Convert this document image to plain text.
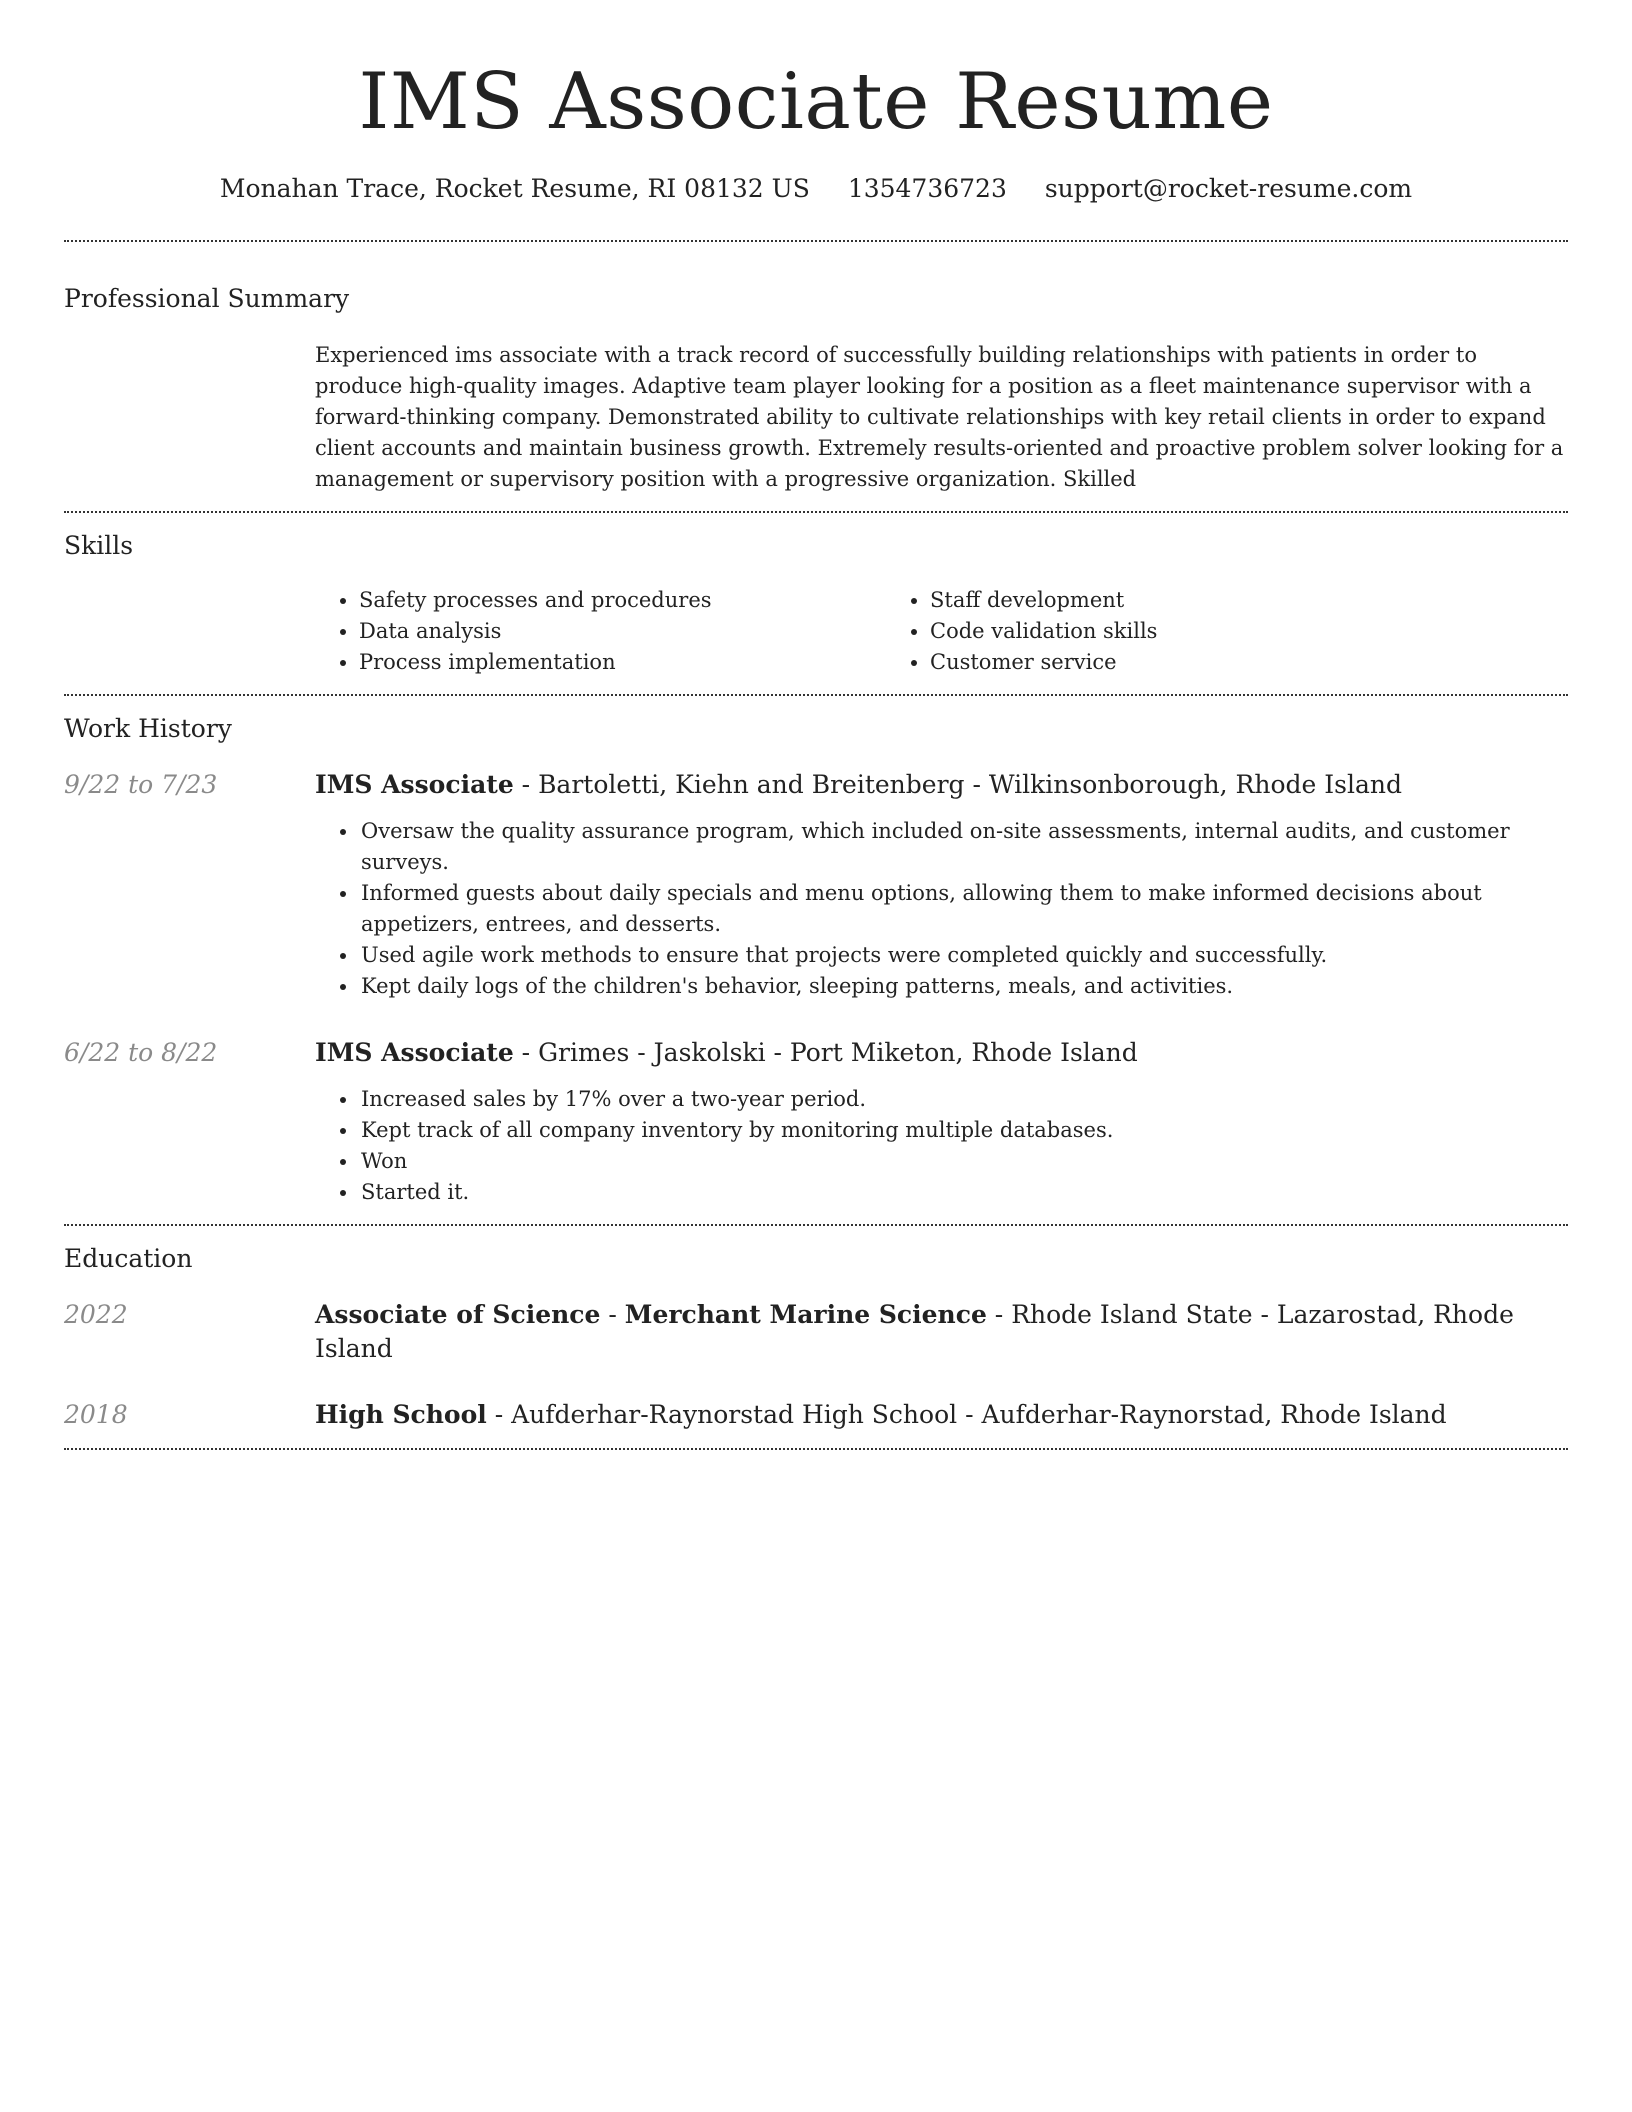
IMS Associate Resume
Monahan Trace, Rocket Resume, RI 08132 US 1354736723 support@rocket-resume.com
Professional Summary
Experienced ims associate with a track record of successfully building relationships with patients in order to produce high-quality images. Adaptive team player looking for a position as a fleet maintenance supervisor with a forward-thinking company. Demonstrated ability to cultivate relationships with key retail clients in order to expand client accounts and maintain business growth. Extremely results-oriented and proactive problem solver looking for a management or supervisory position with a progressive organization. Skilled
Skills
• Safety processes and procedures
• Data analysis
• Process implementation
• Staff development
• Code validation skills
• Customer service
Work History
9/22 to 7/23	IMS Associate - Bartoletti, Kiehn and Breitenberg - Wilkinsonborough, Rhode Island
• Oversaw the quality assurance program, which included on-site assessments, internal audits, and customer surveys.
• Informed guests about daily specials and menu options, allowing them to make informed decisions about appetizers, entrees, and desserts.
• Used agile work methods to ensure that projects were completed quickly and successfully.
• Kept daily logs of the children's behavior, sleeping patterns, meals, and activities.
6/22 to 8/22	IMS Associate - Grimes - Jaskolski - Port Miketon, Rhode Island
• Increased sales by 17% over a two-year period.
• Kept track of all company inventory by monitoring multiple databases.
• Won
• Started it.
Education
2022	Associate of Science - Merchant Marine Science - Rhode Island State - Lazarostad, Rhode Island
2018	High School - Aufderhar-Raynorstad High School - Aufderhar-Raynorstad, Rhode Island
